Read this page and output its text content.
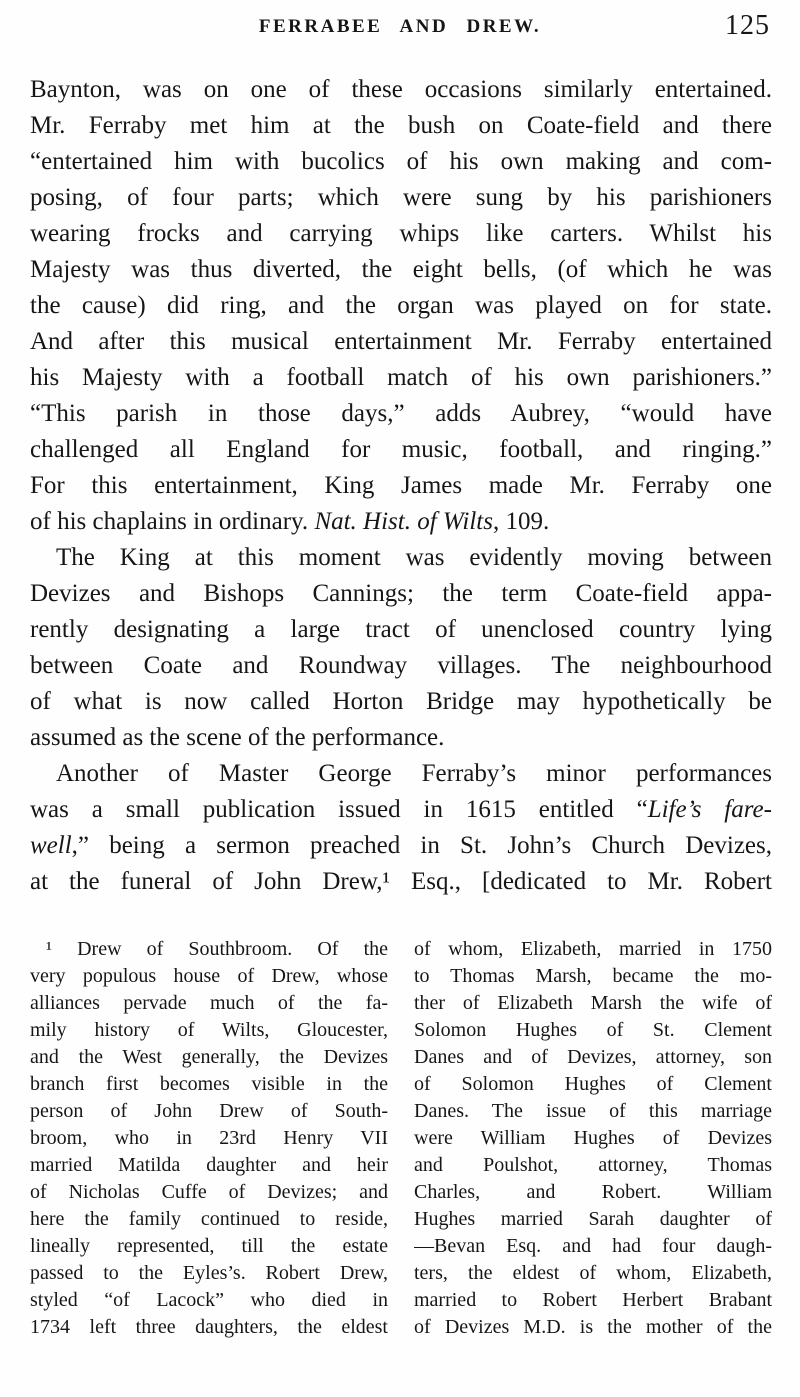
FERRABEE AND DREW.	125
Baynton, was on one of these occasions similarly entertained.
Mr. Ferraby met him at the bush on Coate-field and there
“entertained him with bucolics of his own making and com-
posing, of four parts; which were sung by his parishioners
wearing frocks and carrying whips like carters. Whilst his
Majesty was thus diverted, the eight bells, (of which he was
the cause) did ring, and the organ was played on for state.
And after this musical entertainment Mr. Ferraby entertained
his Majesty with a football match of his own parishioners.”
“This parish in those days,” adds Aubrey, “would have
challenged all England for music, football, and ringing.”
For this entertainment, King James made Mr. Ferraby one
of his chaplains in ordinary. Nat. Hist. of Wilts, 109.
The King at this moment was evidently moving between
Devizes and Bishops Cannings; the term Coate-field appa-
rently designating a large tract of unenclosed country lying
between Coate and Roundway villages. The neighbourhood
of what is now called Horton Bridge may hypothetically be
assumed as the scene of the performance.
Another of Master George Ferraby’s minor performances
was a small publication issued in 1615 entitled “Life’s fare-
well,” being a sermon preached in St. John’s Church Devizes,
at the funeral of John Drew,¹ Esq., [dedicated to Mr. Robert
¹ Drew of Southbroom. Of the
very populous house of Drew, whose
alliances pervade much of the fa-
mily history of Wilts, Gloucester,
and the West generally, the Devizes
branch first becomes visible in the
person of John Drew of South-
broom, who in 23rd Henry VII
married Matilda daughter and heir
of Nicholas Cuffe of Devizes; and
here the family continued to reside,
lineally represented, till the estate
passed to the Eyles’s. Robert Drew,
styled “of Lacock” who died in
1734 left three daughters, the eldest
of whom, Elizabeth, married in 1750
to Thomas Marsh, became the mo-
ther of Elizabeth Marsh the wife of
Solomon Hughes of St. Clement
Danes and of Devizes, attorney, son
of Solomon Hughes of Clement
Danes. The issue of this marriage
were William Hughes of Devizes
and Poulshot, attorney, Thomas
Charles, and Robert. William
Hughes married Sarah daughter of
—Bevan Esq. and had four daugh-
ters, the eldest of whom, Elizabeth,
married to Robert Herbert Brabant
of Devizes M.D. is the mother of the
